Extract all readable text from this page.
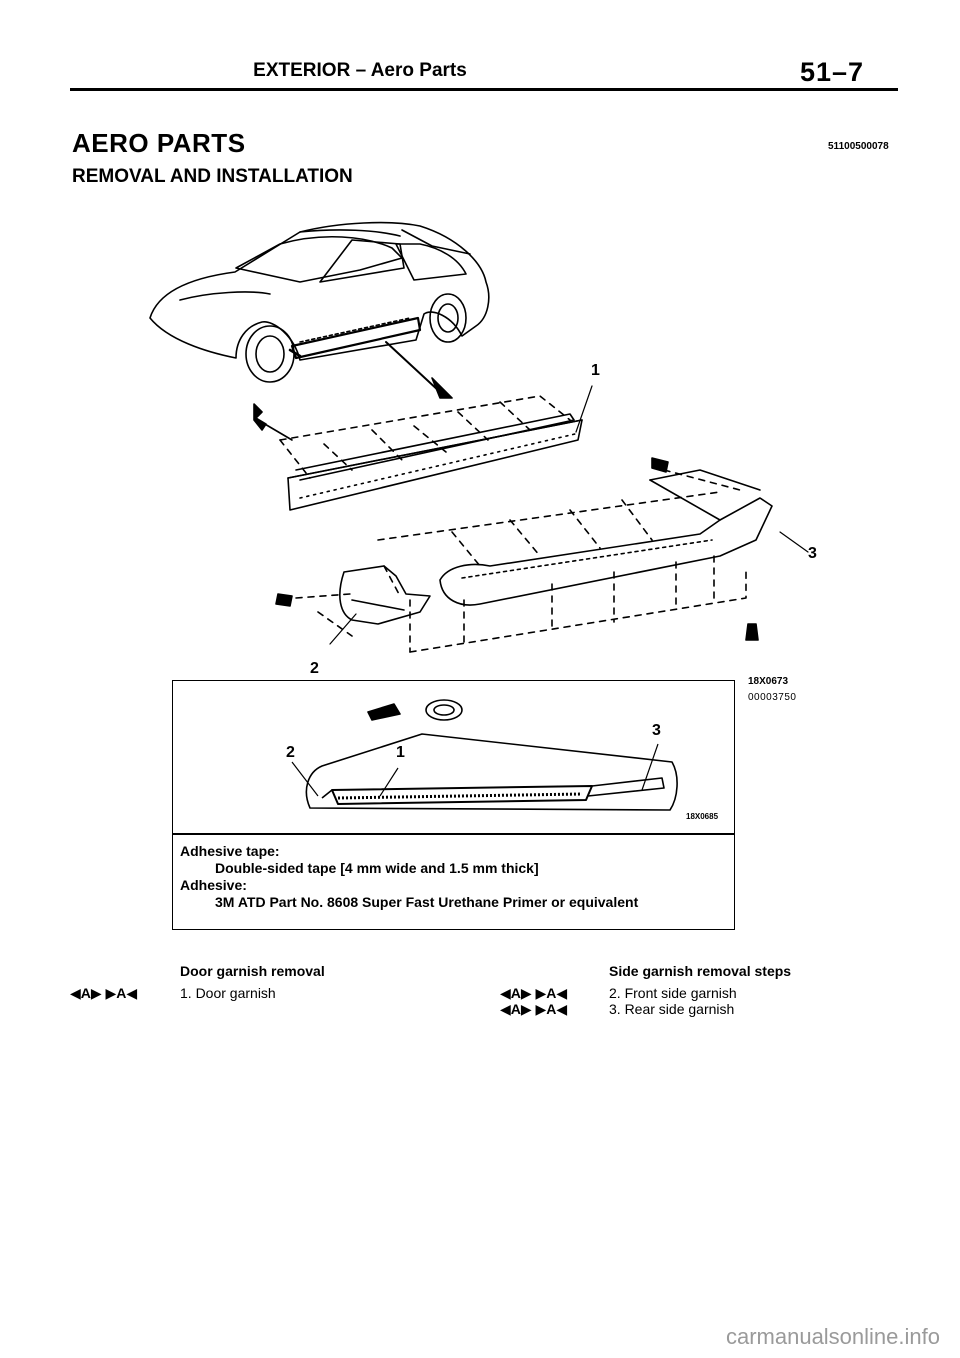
EXTERIOR – Aero Parts	51–7
AERO PARTS	51100500078
REMOVAL AND INSTALLATION
1
2
3
18X0673
00003750
2	1
3
18X0685
Adhesive tape:
Double-sided tape [4 mm wide and 1.5 mm thick]
Adhesive:
3M ATD Part No. 8608 Super Fast Urethane Primer or equivalent
Door garnish removal
◀A▶ ▶A◀	1. Door garnish
Side garnish removal steps
◀A▶ ▶A◀	2. Front side garnish
◀A▶ ▶A◀	3. Rear side garnish
carmanualsonline.info
